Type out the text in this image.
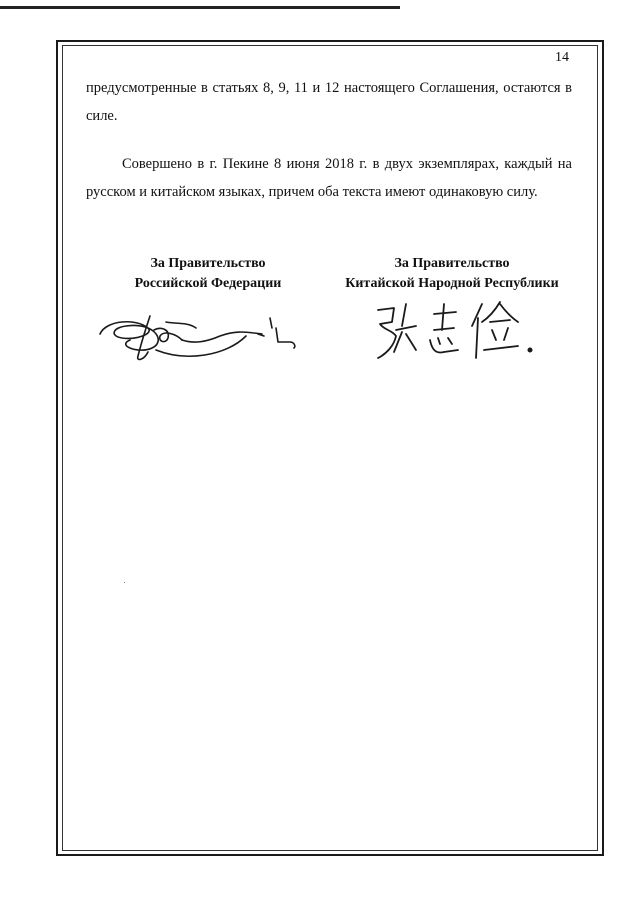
14

предусмотренные в статьях 8, 9, 11 и 12 настоящего Соглашения, остаются в силе.

Совершено в г. Пекине 8 июня 2018 г. в двух экземплярах, каждый на русском и китайском языках, причем оба текста имеют одинаковую силу.

За Правительство
Российской Федерации
За Правительство
Китайской Народной Республики
